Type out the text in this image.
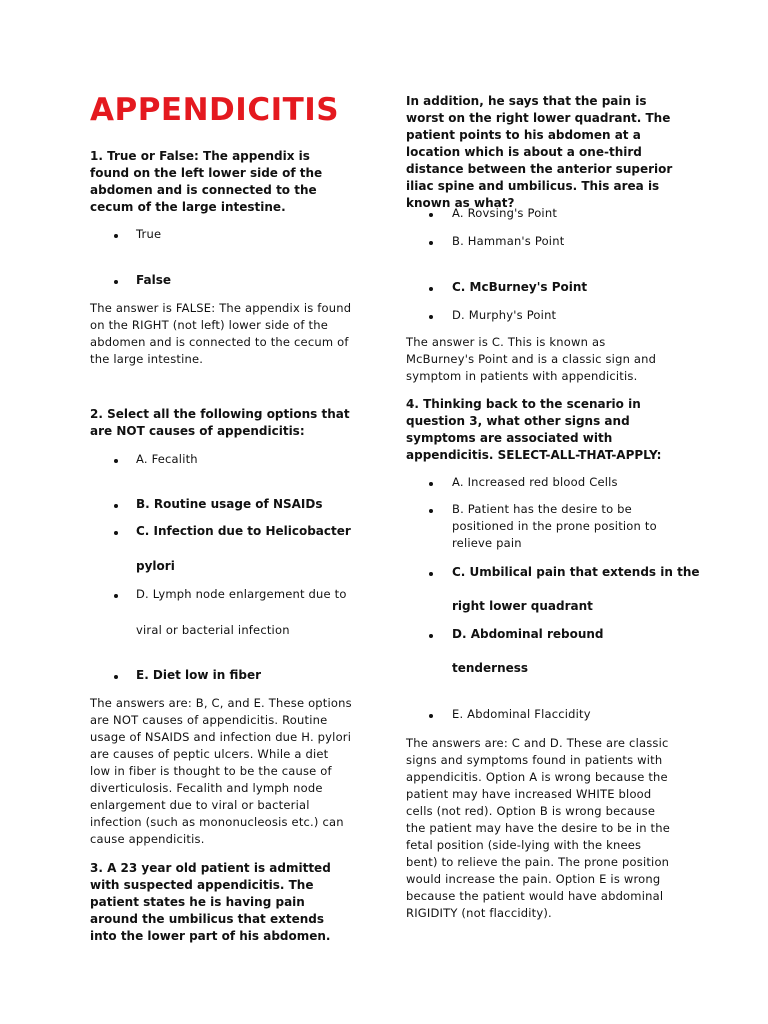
APPENDICITIS

1. True or False: The appendix is found on the left lower side of the abdomen and is connected to the cecum of the large intestine.

True
False

The answer is FALSE: The appendix is found on the RIGHT (not left) lower side of the abdomen and is connected to the cecum of the large intestine.

2. Select all the following options that are NOT causes of appendicitis:

A. Fecalith
B. Routine usage of NSAIDs
C. Infection due to Helicobacter
pylori
D. Lymph node enlargement due to
viral or bacterial infection
E. Diet low in fiber

The answers are: B, C, and E. These options are NOT causes of appendicitis. Routine usage of NSAIDS and infection due H. pylori are causes of peptic ulcers. While a diet low in fiber is thought to be the cause of diverticulosis. Fecalith and lymph node enlargement due to viral or bacterial infection (such as mononucleosis etc.) can cause appendicitis.

3. A 23 year old patient is admitted with suspected appendicitis. The patient states he is having pain around the umbilicus that extends into the lower part of his abdomen.

In addition, he says that the pain is worst on the right lower quadrant. The patient points to his abdomen at a location which is about a one-third distance between the anterior superior iliac spine and umbilicus. This area is known as what?

A. Rovsing's Point
B. Hamman's Point
C. McBurney's Point
D. Murphy's Point

The answer is C. This is known as McBurney's Point and is a classic sign and symptom in patients with appendicitis.

4. Thinking back to the scenario in question 3, what other signs and symptoms are associated with appendicitis. SELECT-ALL-THAT-APPLY:

A. Increased red blood Cells
B. Patient has the desire to be positioned in the prone position to relieve pain
C. Umbilical pain that extends in the
right lower quadrant
D. Abdominal rebound
tenderness
E. Abdominal Flaccidity

The answers are: C and D. These are classic signs and symptoms found in patients with appendicitis. Option A is wrong because the patient may have increased WHITE blood cells (not red). Option B is wrong because the patient may have the desire to be in the fetal position (side-lying with the knees bent) to relieve the pain. The prone position would increase the pain. Option E is wrong because the patient would have abdominal RIGIDITY (not flaccidity).
